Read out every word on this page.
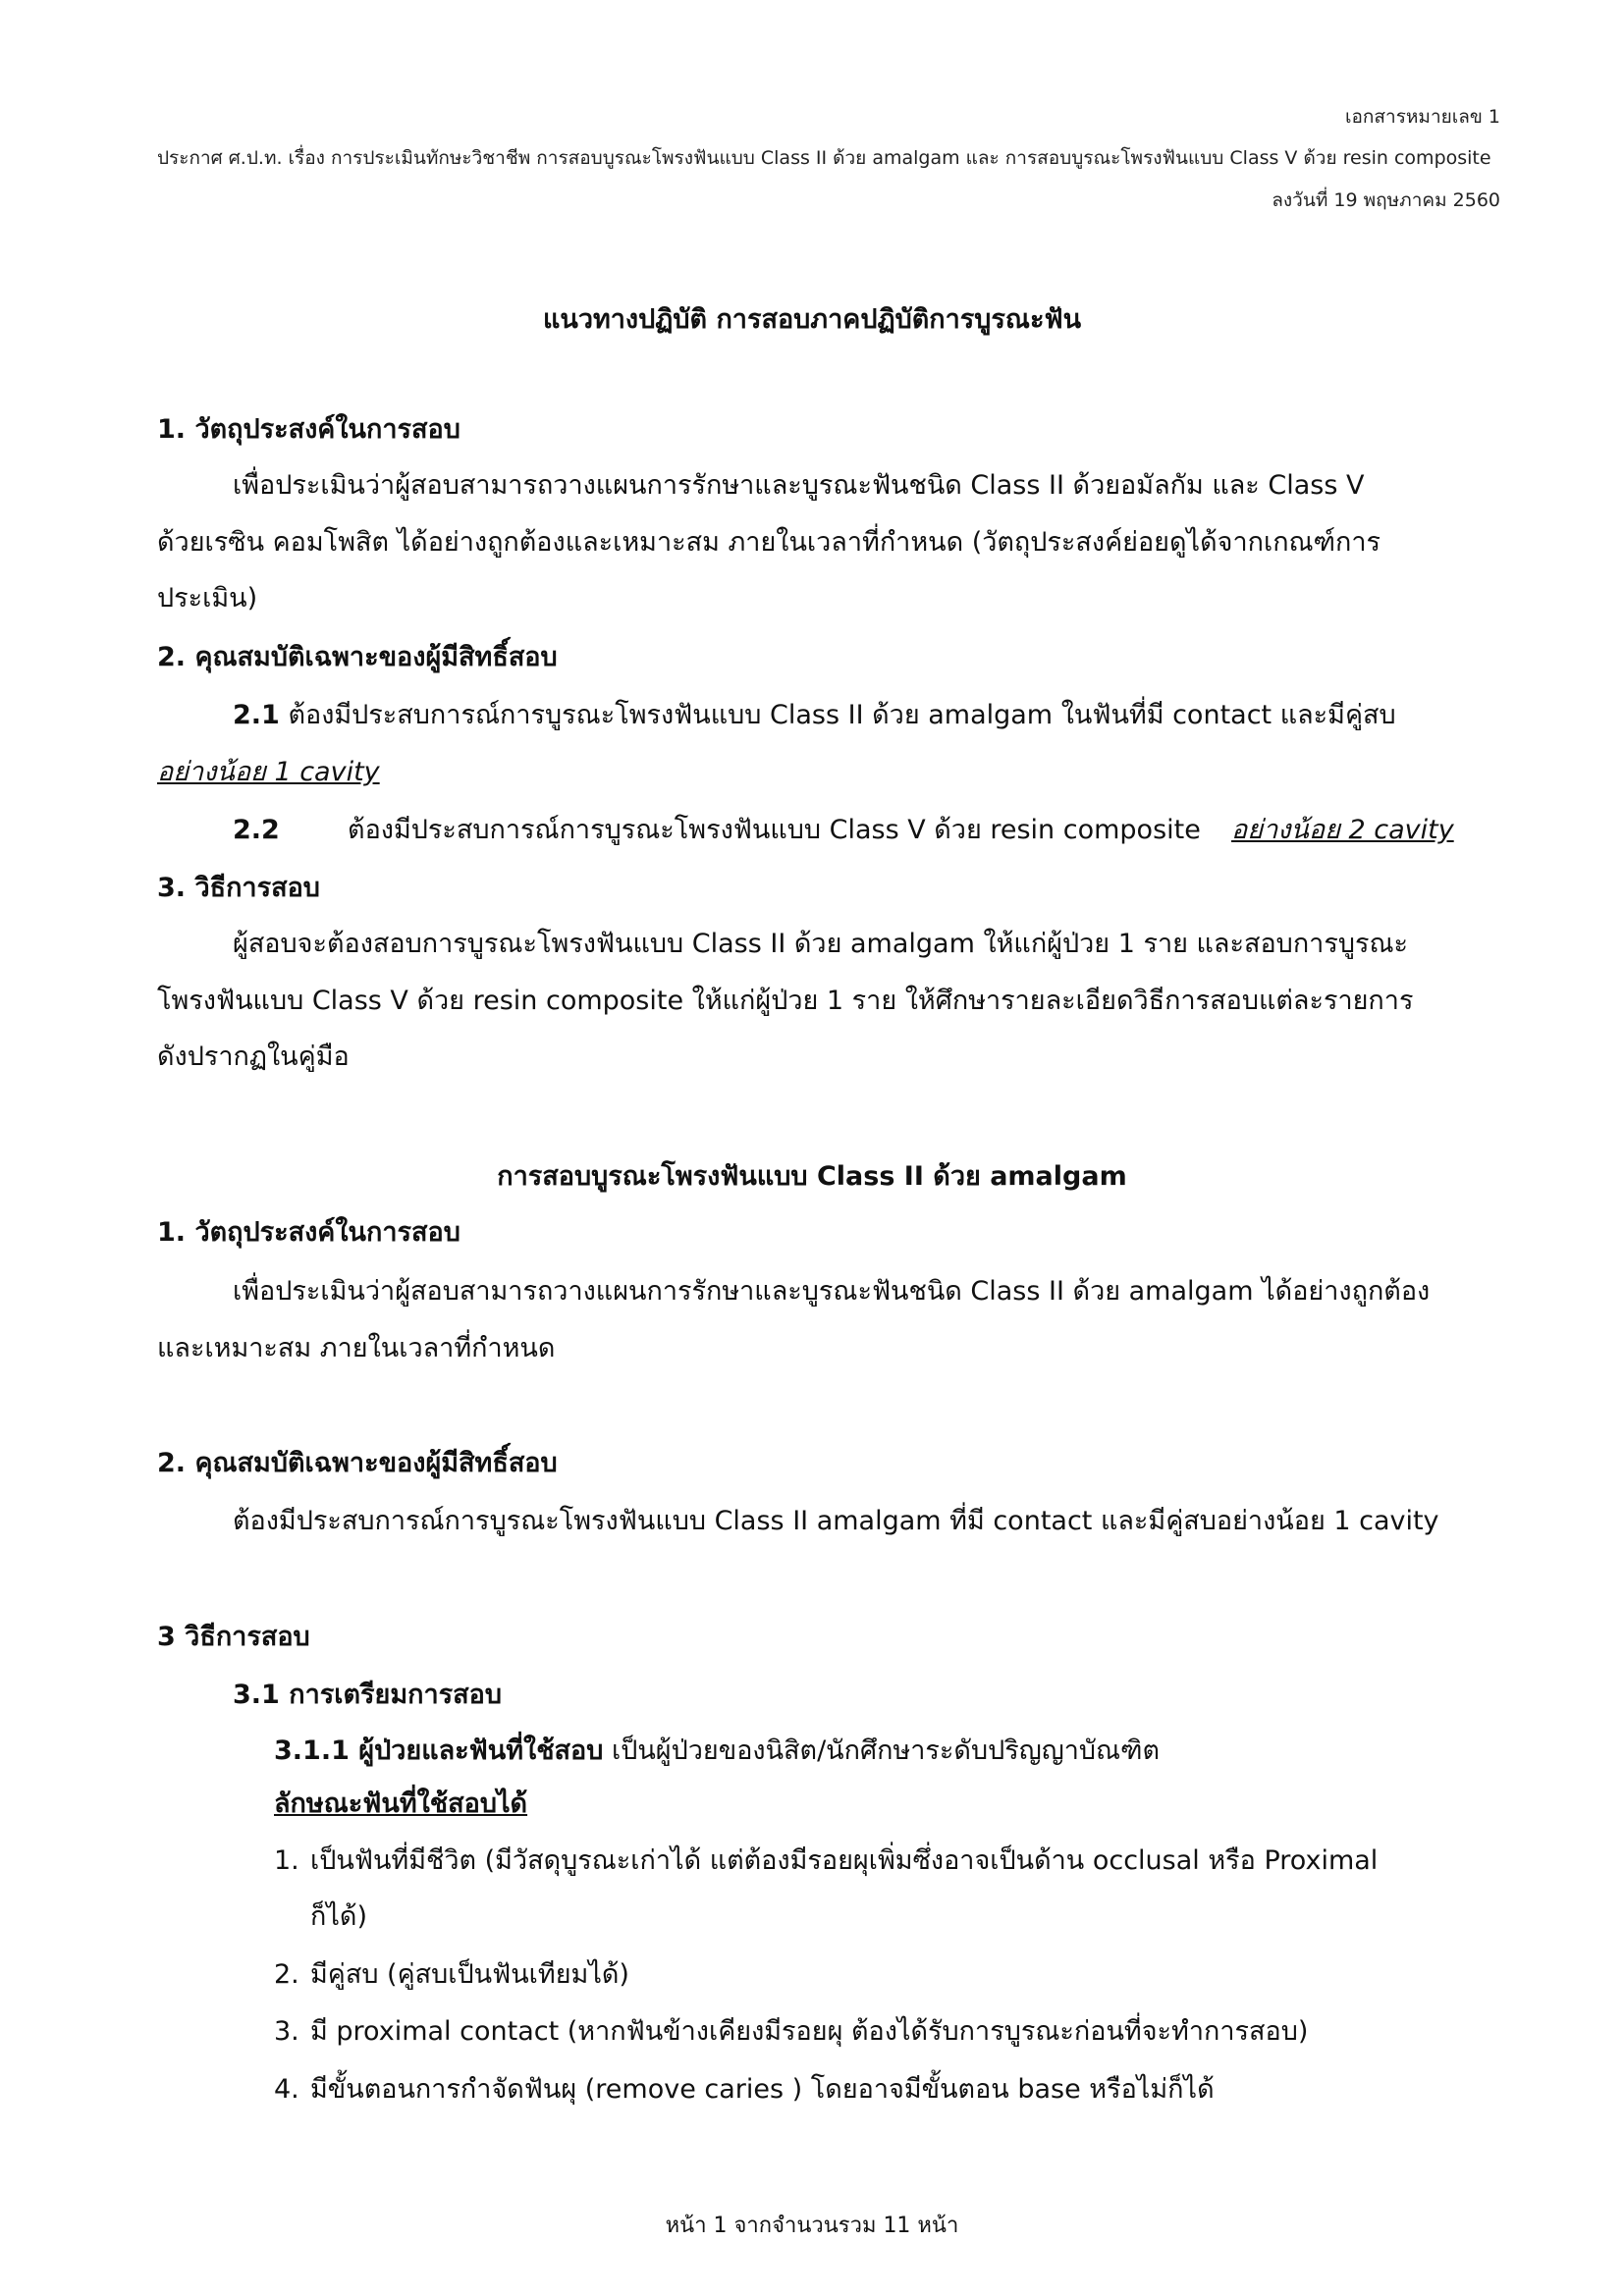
เอกสารหมายเลข 1
ประกาศ ศ.ป.ท. เรื่อง การประเมินทักษะวิชาชีพ การสอบบูรณะโพรงฟันแบบ Class II ด้วย amalgam และ การสอบบูรณะโพรงฟันแบบ Class V ด้วย resin composite
ลงวันที่ 19 พฤษภาคม 2560
แนวทางปฏิบัติ การสอบภาคปฏิบัติการบูรณะฟัน
1. วัตถุประสงค์ในการสอบ
เพื่อประเมินว่าผู้สอบสามารถวางแผนการรักษาและบูรณะฟันชนิด Class II ด้วยอมัลกัม และ Class V
ด้วยเรซิน คอมโพสิต ได้อย่างถูกต้องและเหมาะสม ภายในเวลาที่กำหนด (วัตถุประสงค์ย่อยดูได้จากเกณฑ์การ
ประเมิน)
2. คุณสมบัติเฉพาะของผู้มีสิทธิ์สอบ
2.1 ต้องมีประสบการณ์การบูรณะโพรงฟันแบบ Class II ด้วย amalgam ในฟันที่มี contact และมีคู่สบ
อย่างน้อย 1 cavity
2.2	ต้องมีประสบการณ์การบูรณะโพรงฟันแบบ Class V ด้วย resin composite อย่างน้อย 2 cavity
3. วิธีการสอบ
ผู้สอบจะต้องสอบการบูรณะโพรงฟันแบบ Class II ด้วย amalgam ให้แก่ผู้ป่วย 1 ราย และสอบการบูรณะ
โพรงฟันแบบ Class V ด้วย resin composite ให้แก่ผู้ป่วย 1 ราย ให้ศึกษารายละเอียดวิธีการสอบแต่ละรายการ
ดังปรากฏในคู่มือ
การสอบบูรณะโพรงฟันแบบ Class II ด้วย amalgam
1. วัตถุประสงค์ในการสอบ
เพื่อประเมินว่าผู้สอบสามารถวางแผนการรักษาและบูรณะฟันชนิด Class II ด้วย amalgam ได้อย่างถูกต้อง
และเหมาะสม ภายในเวลาที่กำหนด
2. คุณสมบัติเฉพาะของผู้มีสิทธิ์สอบ
ต้องมีประสบการณ์การบูรณะโพรงฟันแบบ Class II amalgam ที่มี contact และมีคู่สบอย่างน้อย 1 cavity
3 วิธีการสอบ
3.1 การเตรียมการสอบ
3.1.1 ผู้ป่วยและฟันที่ใช้สอบ เป็นผู้ป่วยของนิสิต/นักศึกษาระดับปริญญาบัณฑิต
ลักษณะฟันที่ใช้สอบได้
1. เป็นฟันที่มีชีวิต (มีวัสดุบูรณะเก่าได้ แต่ต้องมีรอยผุเพิ่มซึ่งอาจเป็นด้าน occlusal หรือ Proximal
ก็ได้)
2. มีคู่สบ (คู่สบเป็นฟันเทียมได้)
3. มี proximal contact (หากฟันข้างเคียงมีรอยผุ ต้องได้รับการบูรณะก่อนที่จะทำการสอบ)
4. มีขั้นตอนการกำจัดฟันผุ (remove caries ) โดยอาจมีขั้นตอน base หรือไม่ก็ได้
หน้า 1 จากจำนวนรวม 11 หน้า
